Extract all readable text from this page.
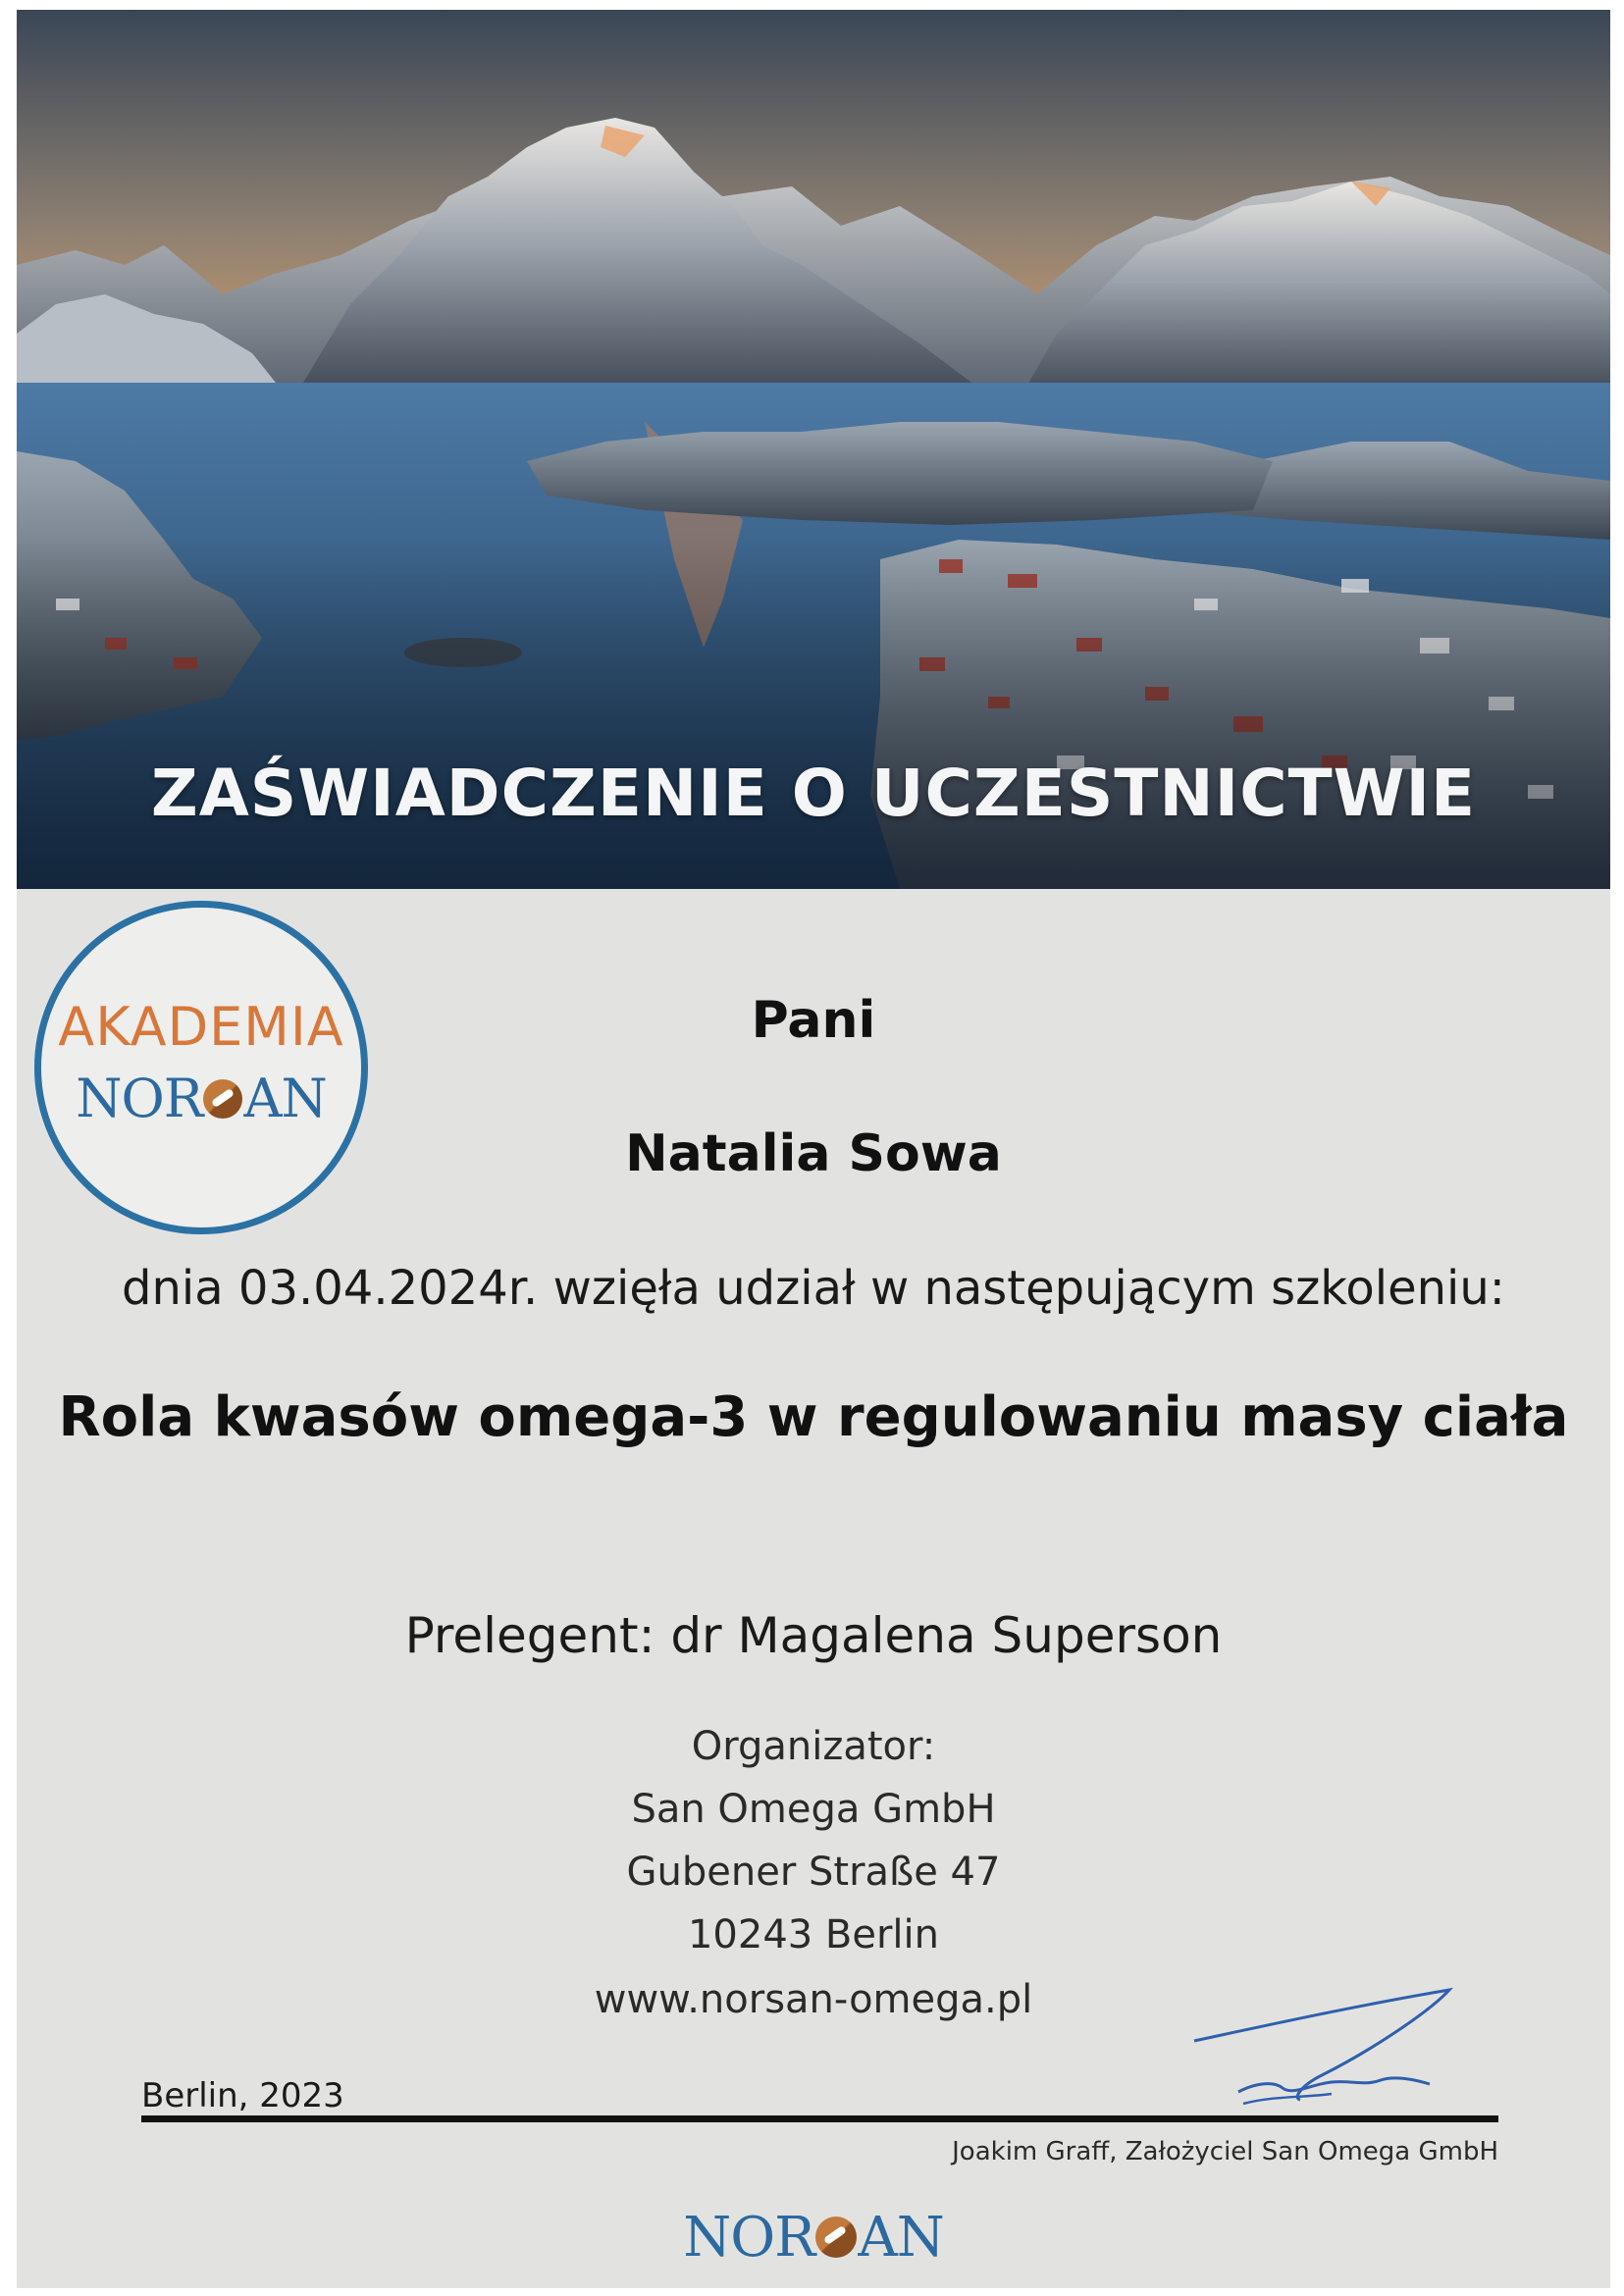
ZAŚWIADCZENIE O UCZESTNICTWIE
AKADEMIA
NOR AN
Pani
Natalia Sowa
dnia 03.04.2024r. wzięła udział w następującym szkoleniu:
Rola kwasów omega-3 w regulowaniu masy ciała
Prelegent: dr Magalena Superson
Organizator:
San Omega GmbH
Gubener Straße 47
10243 Berlin
www.norsan-omega.pl
Berlin, 2023
Joakim Graff, Założyciel San Omega GmbH
NOR AN
